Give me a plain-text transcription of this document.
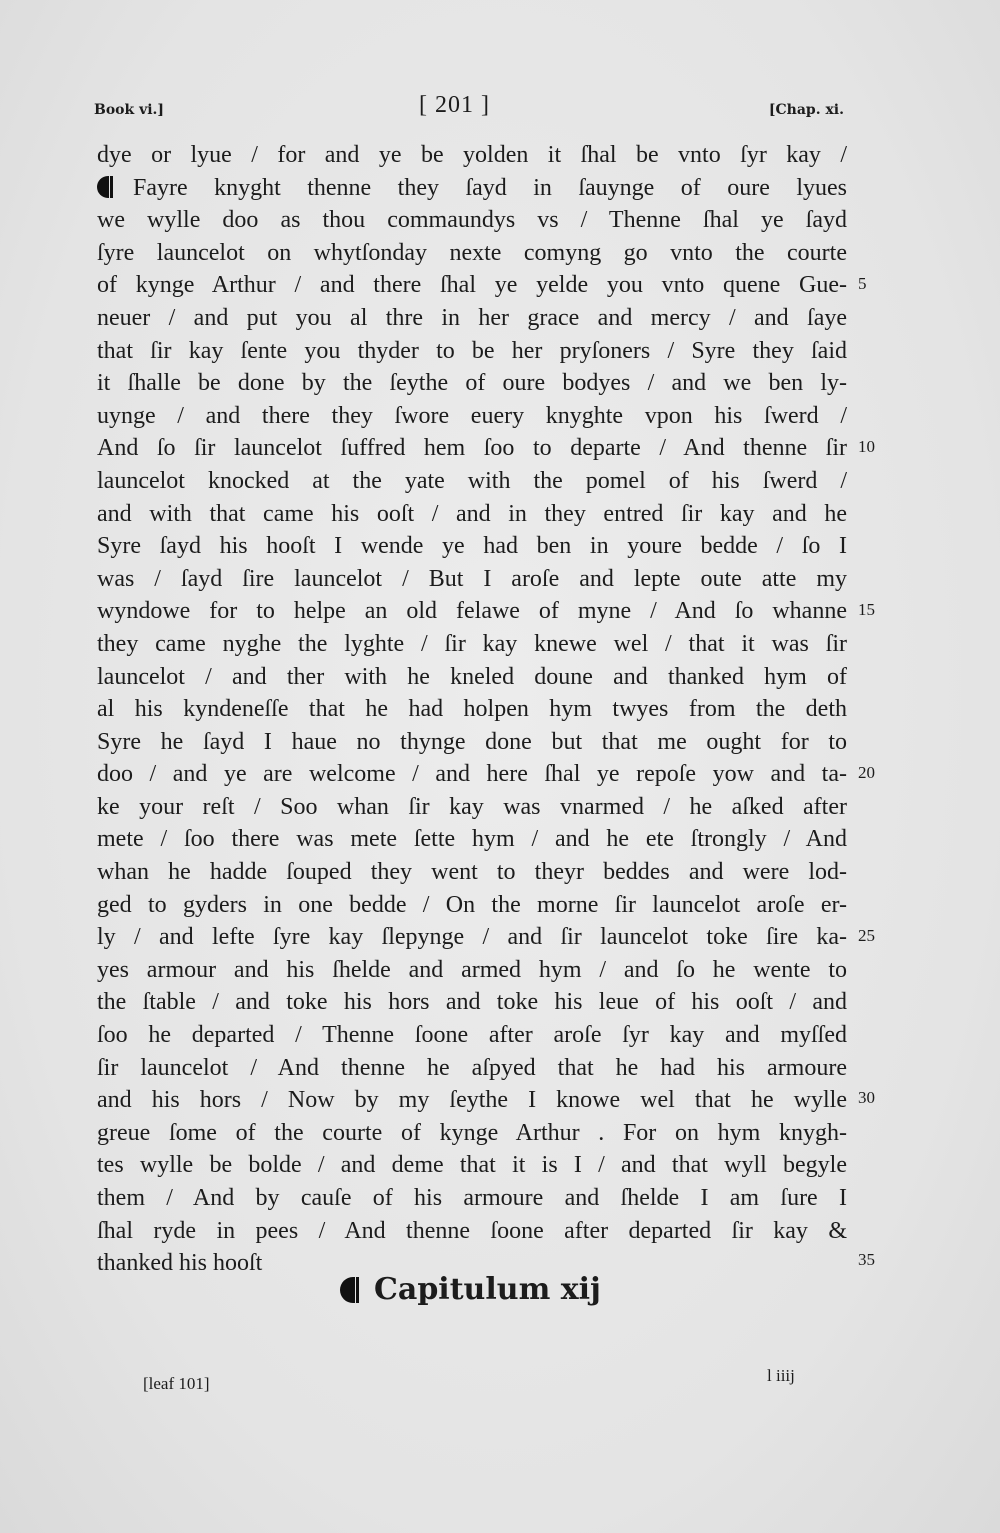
Book vi.]	[ 201 ]	[Chap. xi.
dye or lyue / for and ye be yolden it ſhal be vnto ſyr kay /
Fayre knyght thenne they ſayd in ſauynge of oure lyues
we wylle doo as thou commaundys vs / Thenne ſhal ye ſayd
ſyre launcelot on whytſonday nexte comyng go vnto the courte
of kynge Arthur / and there ſhal ye yelde you vnto quene Gue-
neuer / and put you al thre in her grace and mercy / and ſaye
that ſir kay ſente you thyder to be her pryſoners / Syre they ſaid
it ſhalle be done by the ſeythe of oure bodyes / and we ben ly-
uynge / and there they ſwore euery knyghte vpon his ſwerd /
And ſo ſir launcelot ſuffred hem ſoo to departe / And thenne ſir
launcelot knocked at the yate with the pomel of his ſwerd /
and with that came his ooſt / and in they entred ſir kay and he
Syre ſayd his hooſt I wende ye had ben in youre bedde / ſo I
was / ſayd ſire launcelot / But I aroſe and lepte oute atte my
wyndowe for to helpe an old felawe of myne / And ſo whanne
they came nyghe the lyghte / ſir kay knewe wel / that it was ſir
launcelot / and ther with he kneled doune and thanked hym of
al his kyndeneſſe that he had holpen hym twyes from the deth
Syre he ſayd I haue no thynge done but that me ought for to
doo / and ye are welcome / and here ſhal ye repoſe yow and ta-
ke your reſt / Soo whan ſir kay was vnarmed / he aſked after
mete / ſoo there was mete ſette hym / and he ete ſtrongly / And
whan he hadde ſouped they went to theyr beddes and were lod-
ged to gyders in one bedde / On the morne ſir launcelot aroſe er-
ly / and lefte ſyre kay ſlepynge / and ſir launcelot toke ſire ka-
yes armour and his ſhelde and armed hym / and ſo he wente to
the ſtable / and toke his hors and toke his leue of his ooſt / and
ſoo he departed / Thenne ſoone after aroſe ſyr kay and myſſed
ſir launcelot / And thenne he aſpyed that he had his armoure
and his hors / Now by my ſeythe I knowe wel that he wylle
greue ſome of the courte of kynge Arthur . For on hym knygh-
tes wylle be bolde / and deme that it is I / and that wyll begyle
them / And by cauſe of his armoure and ſhelde I am ſure I
ſhal ryde in pees / And thenne ſoone after departed ſir kay &
thanked his hooſt
5
10
15
20
25
30
35
Capitulum xij
[leaf 101]	l iiij
